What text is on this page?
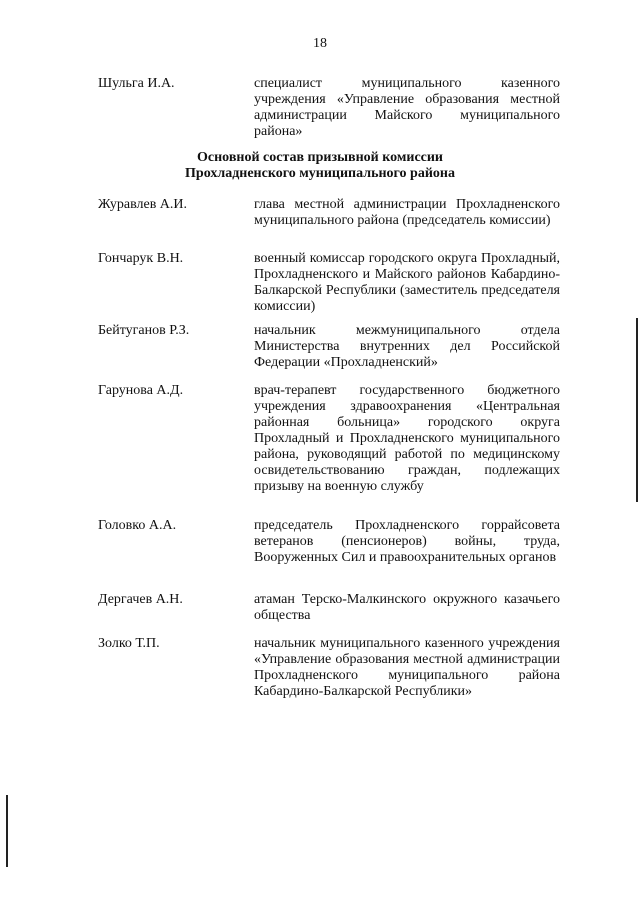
18
Шульга И.А.	специалист муниципального казенного учреждения «Управление образования местной администрации Майского муниципального района»
Основной состав призывной комиссии
Прохладненского муниципального района
Журавлев А.И.	глава местной администрации Прохладненского муниципального района (председатель комиссии)
Гончарук В.Н.	военный комиссар городского округа Прохладный, Прохладненского и Майского районов Кабардино-Балкарской Республики (заместитель председателя комиссии)
Бейтуганов Р.З.	начальник межмуниципального отдела Министерства внутренних дел Российской Федерации «Прохладненский»
Гарунова А.Д.	врач-терапевт государственного бюджетного учреждения здравоохранения «Центральная районная больница» городского округа Прохладный и Прохладненского муниципального района, руководящий работой по медицинскому освидетельствованию граждан, подлежащих призыву на военную службу
Головко А.А.	председатель Прохладненского горрайсовета ветеранов (пенсионеров) войны, труда, Вооруженных Сил и правоохранительных органов
Дергачев А.Н.	атаман Терско-Малкинского окружного казачьего общества
Золко Т.П.	начальник муниципального казенного учреждения «Управление образования местной администрации Прохладненского муниципального района Кабардино-Балкарской Республики»
